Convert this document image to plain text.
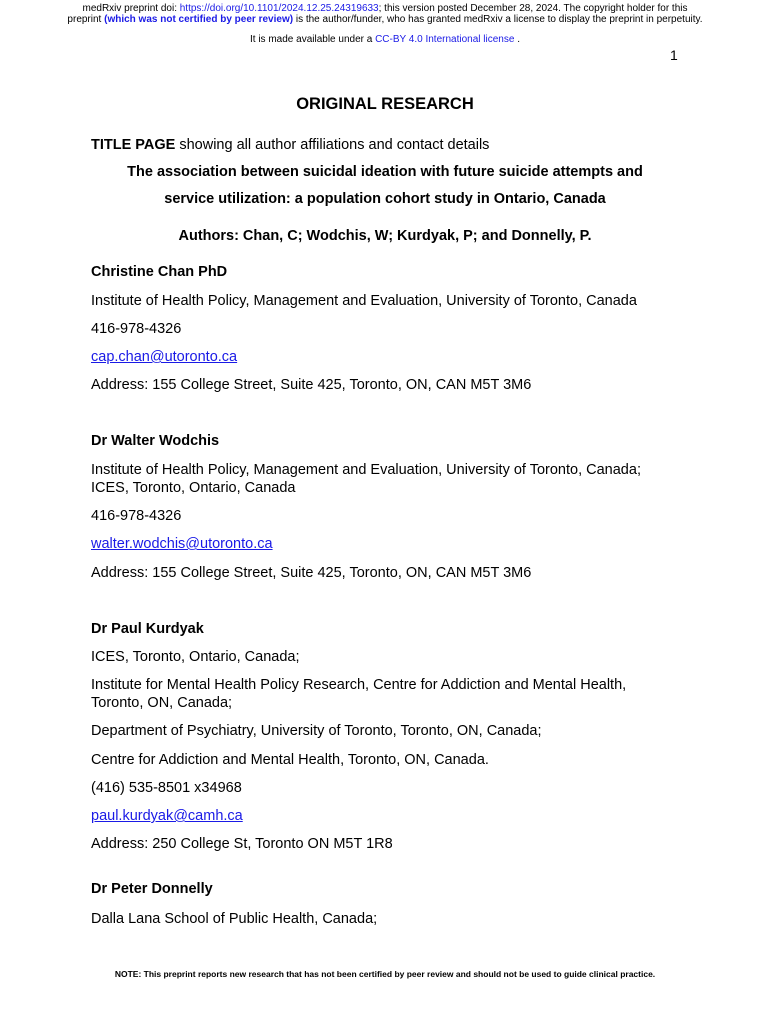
medRxiv preprint doi: https://doi.org/10.1101/2024.12.25.24319633; this version posted December 28, 2024. The copyright holder for this
preprint (which was not certified by peer review) is the author/funder, who has granted medRxiv a license to display the preprint in perpetuity.
It is made available under a CC-BY 4.0 International license .
1
ORIGINAL RESEARCH
TITLE PAGE showing all author affiliations and contact details
The association between suicidal ideation with future suicide attempts and
service utilization: a population cohort study in Ontario, Canada
Authors: Chan, C; Wodchis, W; Kurdyak, P; and Donnelly, P.
Christine Chan PhD
Institute of Health Policy, Management and Evaluation, University of Toronto, Canada
416-978-4326
cap.chan@utoronto.ca
Address: 155 College Street, Suite 425, Toronto, ON, CAN M5T 3M6
Dr Walter Wodchis
Institute of Health Policy, Management and Evaluation, University of Toronto, Canada;
ICES, Toronto, Ontario, Canada
416-978-4326
walter.wodchis@utoronto.ca
Address: 155 College Street, Suite 425, Toronto, ON, CAN M5T 3M6
Dr Paul Kurdyak
ICES, Toronto, Ontario, Canada;
Institute for Mental Health Policy Research, Centre for Addiction and Mental Health,
Toronto, ON, Canada;
Department of Psychiatry, University of Toronto, Toronto, ON, Canada;
Centre for Addiction and Mental Health, Toronto, ON, Canada.
(416) 535-8501 x34968
paul.kurdyak@camh.ca
Address: 250 College St, Toronto ON M5T 1R8
Dr Peter Donnelly
Dalla Lana School of Public Health, Canada;
NOTE: This preprint reports new research that has not been certified by peer review and should not be used to guide clinical practice.
